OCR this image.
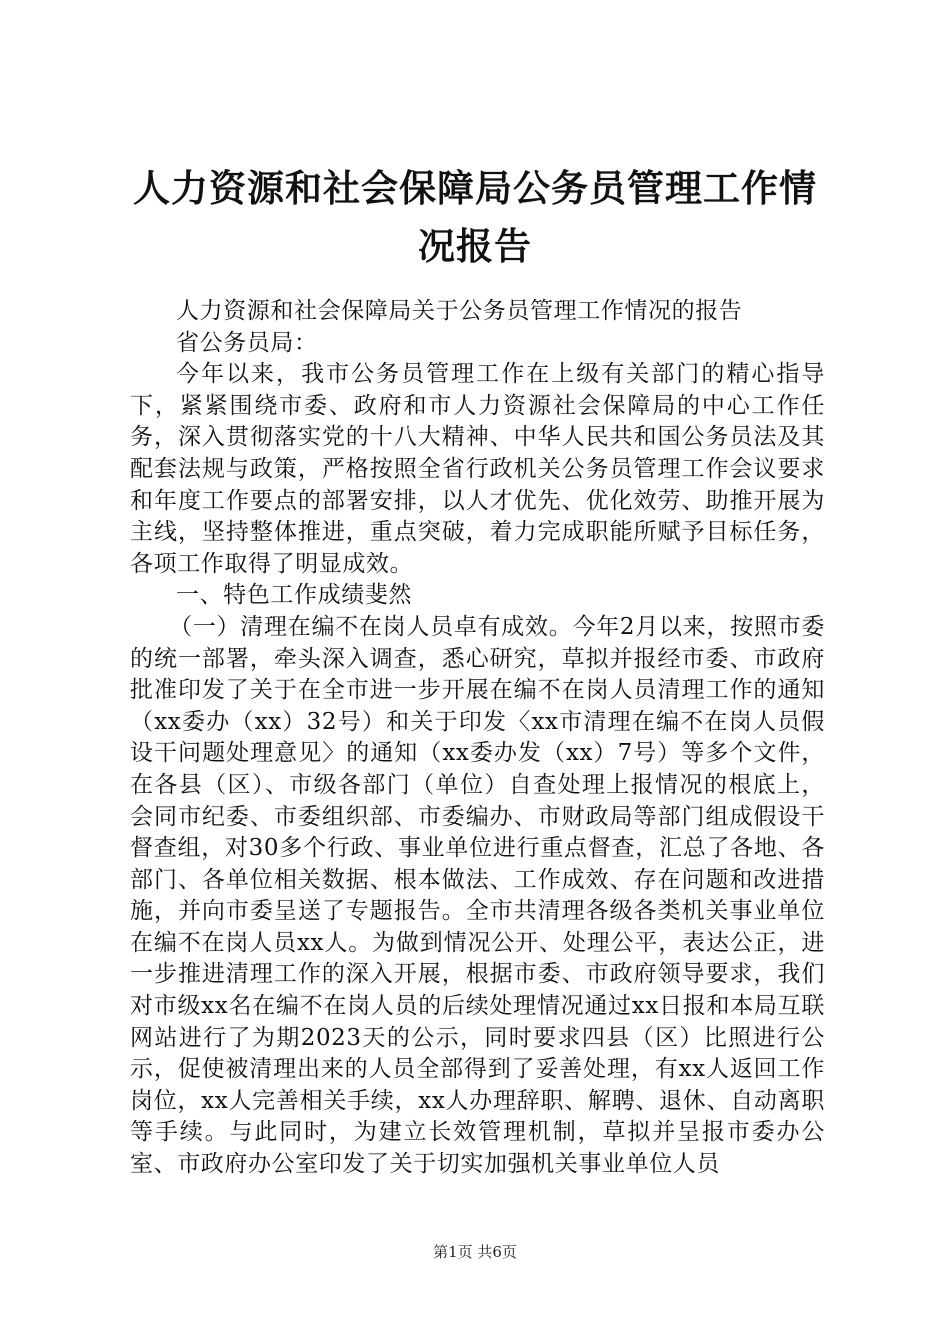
人力资源和社会保障局公务员管理工作情况报告

人力资源和社会保障局关于公务员管理工作情况的报告

省公务员局：

今年以来，我市公务员管理工作在上级有关部门的精心指导下，紧紧围绕市委、政府和市人力资源社会保障局的中心工作任务，深入贯彻落实党的十八大精神、中华人民共和国公务员法及其配套法规与政策，严格按照全省行政机关公务员管理工作会议要求和年度工作要点的部署安排，以人才优先、优化效劳、助推开展为主线，坚持整体推进，重点突破，着力完成职能所赋予目标任务，各项工作取得了明显成效。

一、特色工作成绩斐然

（一）清理在编不在岗人员卓有成效。今年2月以来，按照市委的统一部署，牵头深入调查，悉心研究，草拟并报经市委、市政府批准印发了关于在全市进一步开展在编不在岗人员清理工作的通知（xx委办（xx）32号）和关于印发〈xx市清理在编不在岗人员假设干问题处理意见〉的通知（xx委办发（xx）7号）等多个文件，在各县（区）、市级各部门（单位）自查处理上报情况的根底上，会同市纪委、市委组织部、市委编办、市财政局等部门组成假设干督查组，对30多个行政、事业单位进行重点督查，汇总了各地、各部门、各单位相关数据、根本做法、工作成效、存在问题和改进措施，并向市委呈送了专题报告。全市共清理各级各类机关事业单位在编不在岗人员xx人。为做到情况公开、处理公平，表达公正，进一步推进清理工作的深入开展，根据市委、市政府领导要求，我们对市级xx名在编不在岗人员的后续处理情况通过xx日报和本局互联网站进行了为期2023天的公示，同时要求四县（区）比照进行公示，促使被清理出来的人员全部得到了妥善处理，有xx人返回工作岗位，xx人完善相关手续，xx人办理辞职、解聘、退休、自动离职等手续。与此同时，为建立长效管理机制，草拟并呈报市委办公室、市政府办公室印发了关于切实加强机关事业单位人员

第1页 共6页
